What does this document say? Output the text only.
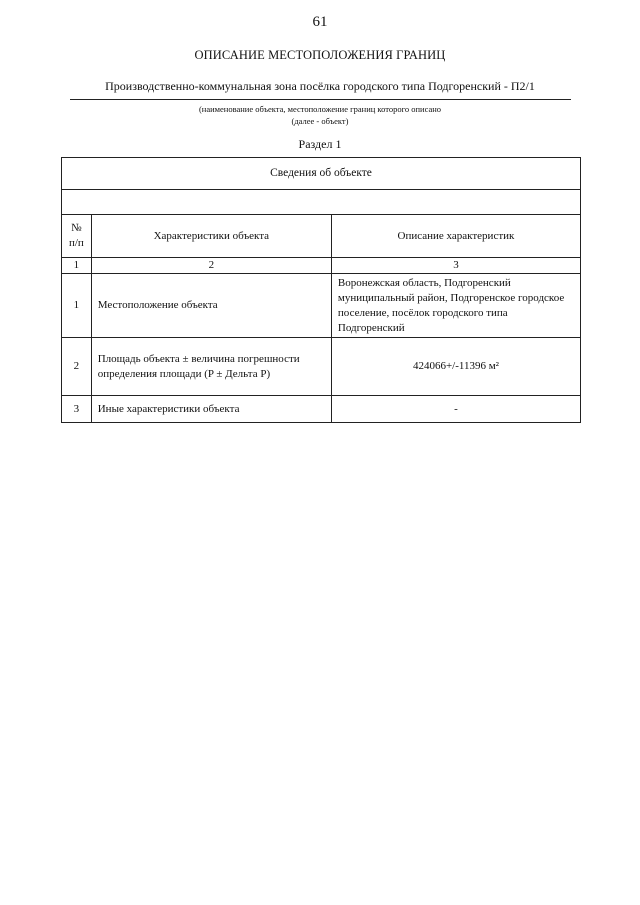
61
ОПИСАНИЕ МЕСТОПОЛОЖЕНИЯ ГРАНИЦ
Производственно-коммунальная зона посёлка городского типа Подгоренский - П2/1
(наименование объекта, местоположение границ которого описано
(далее - объект)
Раздел 1
Сведения об объекте		

№
п/п	Характеристики объекта	Описание характеристик
1	2	3
1	Местоположение объекта	Воронежская область, Подгоренский муниципальный район, Подгоренское городское поселение, посёлок городского типа Подгоренский
2	Площадь объекта ± величина погрешности определения площади (P ± Дельта P)	424066+/-11396 м²
3	Иные характеристики объекта	-
